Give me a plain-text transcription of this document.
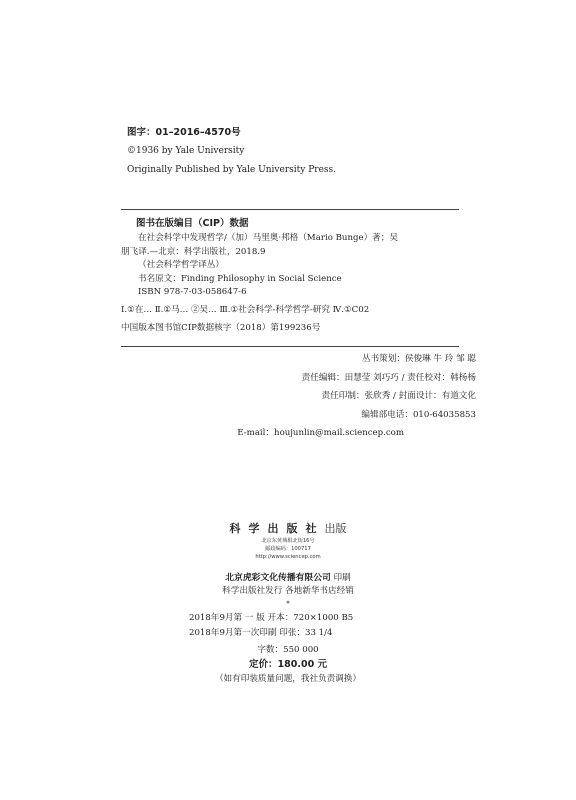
图字：01–2016–4570号
©1936 by Yale University
Originally Published by Yale University Press.
图书在版编目（CIP）数据
在社会科学中发现哲学/（加）马里奥·邦格（Mario Bunge）著；吴
朋飞译.—北京：科学出版社，2018.9
（社会科学哲学译丛）
书名原文：Finding Philosophy in Social Science
ISBN 978-7-03-058647-6
Ⅰ.①在… Ⅱ.①马… ②吴… Ⅲ.①社会科学-科学哲学-研究 Ⅳ.①C02
中国版本图书馆CIP数据核字（2018）第199236号
丛书策划：侯俊琳 牛 玲 邹 聪
责任编辑：田慧莹 刘巧巧 / 责任校对：韩杨杨
责任印制：张欣秀 / 封面设计：有道文化
编辑部电话：010-64035853
E-mail：houjunlin@mail.sciencep.com
科学出版社出版
北京东黄城根北街16号
邮政编码：100717
http://www.sciencep.com
北京虎彩文化传播有限公司 印刷
科学出版社发行 各地新华书店经销
*
2018年9月第 一 版 开本：720×1000 B5
2018年9月第一次印刷 印张：33 1/4
字数：550 000
定价：180.00 元
（如有印装质量问题，我社负责调换）
